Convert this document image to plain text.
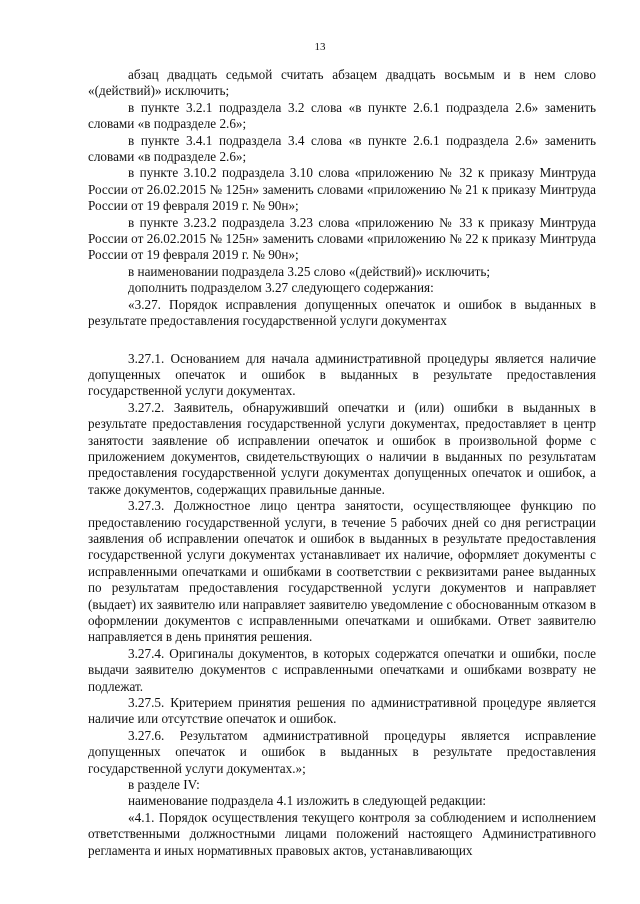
13

абзац двадцать седьмой считать абзацем двадцать восьмым и в нем слово «(действий)» исключить;

в пункте 3.2.1 подраздела 3.2 слова «в пункте 2.6.1 подраздела 2.6» заменить словами «в подразделе 2.6»;

в пункте 3.4.1 подраздела 3.4 слова «в пункте 2.6.1 подраздела 2.6» заменить словами «в подразделе 2.6»;

в пункте 3.10.2 подраздела 3.10 слова «приложению № 32 к приказу Минтруда России от 26.02.2015 № 125н» заменить словами «приложению № 21 к приказу Минтруда России от 19 февраля 2019 г. № 90н»;

в пункте 3.23.2 подраздела 3.23 слова «приложению № 33 к приказу Минтруда России от 26.02.2015 № 125н» заменить словами «приложению № 22 к приказу Минтруда России от 19 февраля 2019 г. № 90н»;

в наименовании подраздела 3.25 слово «(действий)» исключить;

дополнить подразделом 3.27 следующего содержания:

«3.27. Порядок исправления допущенных опечаток и ошибок в выданных в результате предоставления государственной услуги документах

3.27.1. Основанием для начала административной процедуры является наличие допущенных опечаток и ошибок в выданных в результате предоставления государственной услуги документах.

3.27.2. Заявитель, обнаруживший опечатки и (или) ошибки в выданных в результате предоставления государственной услуги документах, предоставляет в центр занятости заявление об исправлении опечаток и ошибок в произвольной форме с приложением документов, свидетельствующих о наличии в выданных по результатам предоставления государственной услуги документах допущенных опечаток и ошибок, а также документов, содержащих правильные данные.

3.27.3. Должностное лицо центра занятости, осуществляющее функцию по предоставлению государственной услуги, в течение 5 рабочих дней со дня регистрации заявления об исправлении опечаток и ошибок в выданных в результате предоставления государственной услуги документах устанавливает их наличие, оформляет документы с исправленными опечатками и ошибками в соответствии с реквизитами ранее выданных по результатам предоставления государственной услуги документов и направляет (выдает) их заявителю или направляет заявителю уведомление с обоснованным отказом в оформлении документов с исправленными опечатками и ошибками. Ответ заявителю направляется в день принятия решения.

3.27.4. Оригиналы документов, в которых содержатся опечатки и ошибки, после выдачи заявителю документов с исправленными опечатками и ошибками возврату не подлежат.

3.27.5. Критерием принятия решения по административной процедуре является наличие или отсутствие опечаток и ошибок.

3.27.6. Результатом административной процедуры является исправление допущенных опечаток и ошибок в выданных в результате предоставления государственной услуги документах.»;

в разделе IV:

наименование подраздела 4.1 изложить в следующей редакции:

«4.1. Порядок осуществления текущего контроля за соблюдением и исполнением ответственными должностными лицами положений настоящего Административного регламента и иных нормативных правовых актов, устанавливающих
